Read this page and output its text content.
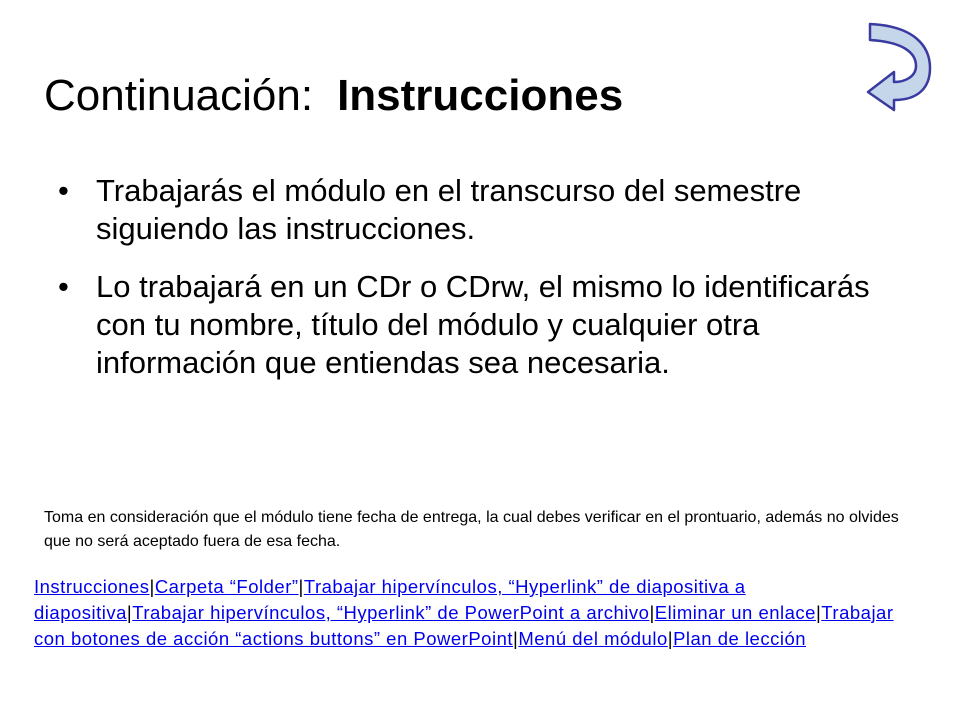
Continuación: Instrucciones
• Trabajarás el módulo en el transcurso del semestre siguiendo las instrucciones.
• Lo trabajará en un CDr o CDrw, el mismo lo identificarás con tu nombre, título del módulo y cualquier otra información que entiendas sea necesaria.
Toma en consideración que el módulo tiene fecha de entrega, la cual debes verificar en el prontuario, además no olvides que no será aceptado fuera de esa fecha.
Instrucciones|Carpeta “Folder”|Trabajar hipervínculos, “Hyperlink” de diapositiva a diapositiva|Trabajar hipervínculos, “Hyperlink” de PowerPoint a archivo|Eliminar un enlace|Trabajar con botones de acción “actions buttons” en PowerPoint|Menú del módulo|Plan de lección
